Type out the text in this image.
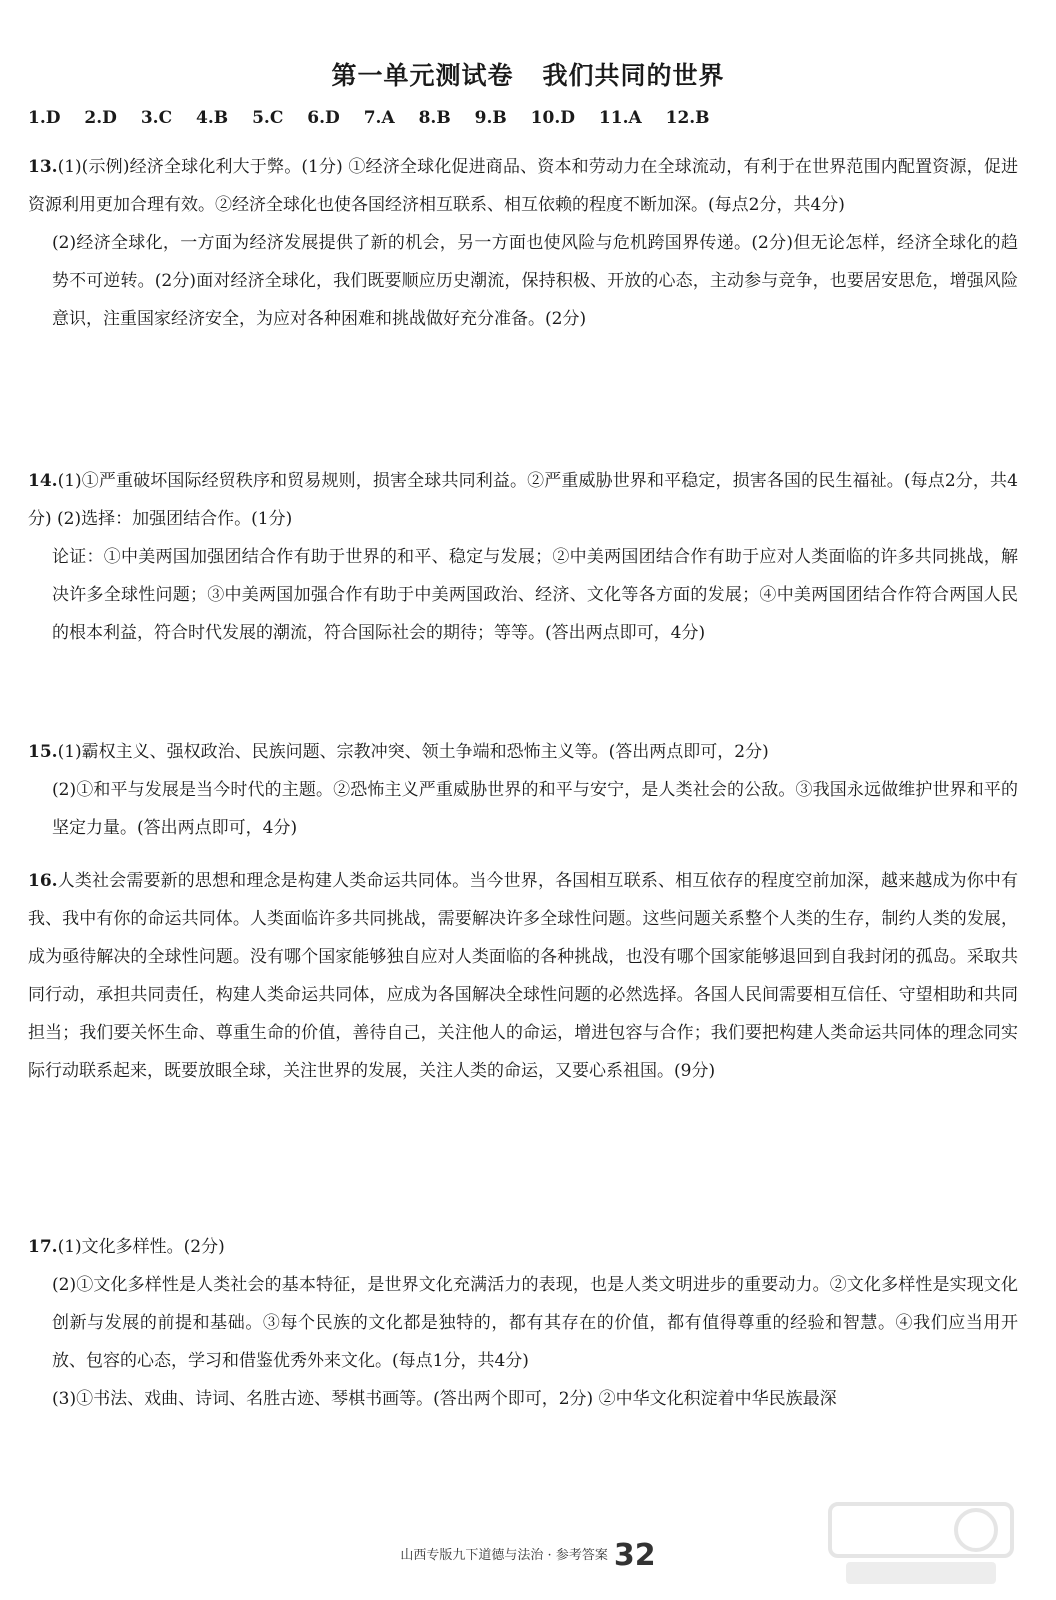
第一单元测试卷   我们共同的世界
1.D 2.D 3.C 4.B 5.C 6.D 7.A 8.B 9.B 10.D 11.A 12.B

13.(1)(示例)经济全球化利大于弊。(1分) ①经济全球化促进商品、资本和劳动力在全球流动，有利于在世界范围内配置资源，促进资源利用更加合理有效。②经济全球化也使各国经济相互联系、相互依赖的程度不断加深。(每点2分，共4分)

(2)经济全球化，一方面为经济发展提供了新的机会，另一方面也使风险与危机跨国界传递。(2分)但无论怎样，经济全球化的趋势不可逆转。(2分)面对经济全球化，我们既要顺应历史潮流，保持积极、开放的心态，主动参与竞争，也要居安思危，增强风险意识，注重国家经济安全，为应对各种困难和挑战做好充分准备。(2分)

14.(1)①严重破坏国际经贸秩序和贸易规则，损害全球共同利益。②严重威胁世界和平稳定，损害各国的民生福祉。(每点2分，共4分) (2)选择：加强团结合作。(1分)

论证：①中美两国加强团结合作有助于世界的和平、稳定与发展；②中美两国团结合作有助于应对人类面临的许多共同挑战，解决许多全球性问题；③中美两国加强合作有助于中美两国政治、经济、文化等各方面的发展；④中美两国团结合作符合两国人民的根本利益，符合时代发展的潮流，符合国际社会的期待；等等。(答出两点即可，4分)

15.(1)霸权主义、强权政治、民族问题、宗教冲突、领土争端和恐怖主义等。(答出两点即可，2分)

(2)①和平与发展是当今时代的主题。②恐怖主义严重威胁世界的和平与安宁，是人类社会的公敌。③我国永远做维护世界和平的坚定力量。(答出两点即可，4分)

16.人类社会需要新的思想和理念是构建人类命运共同体。当今世界，各国相互联系、相互依存的程度空前加深，越来越成为你中有我、我中有你的命运共同体。人类面临许多共同挑战，需要解决许多全球性问题。这些问题关系整个人类的生存，制约人类的发展，成为亟待解决的全球性问题。没有哪个国家能够独自应对人类面临的各种挑战，也没有哪个国家能够退回到自我封闭的孤岛。采取共同行动，承担共同责任，构建人类命运共同体，应成为各国解决全球性问题的必然选择。各国人民间需要相互信任、守望相助和共同担当；我们要关怀生命、尊重生命的价值，善待自己，关注他人的命运，增进包容与合作；我们要把构建人类命运共同体的理念同实际行动联系起来，既要放眼全球，关注世界的发展，关注人类的命运，又要心系祖国。(9分)

17.(1)文化多样性。(2分)

(2)①文化多样性是人类社会的基本特征，是世界文化充满活力的表现，也是人类文明进步的重要动力。②文化多样性是实现文化创新与发展的前提和基础。③每个民族的文化都是独特的，都有其存在的价值，都有值得尊重的经验和智慧。④我们应当用开放、包容的心态，学习和借鉴优秀外来文化。(每点1分，共4分)

(3)①书法、戏曲、诗词、名胜古迹、琴棋书画等。(答出两个即可，2分) ②中华文化积淀着中华民族最深

山西专版九下道德与法治 · 参考答案 32
